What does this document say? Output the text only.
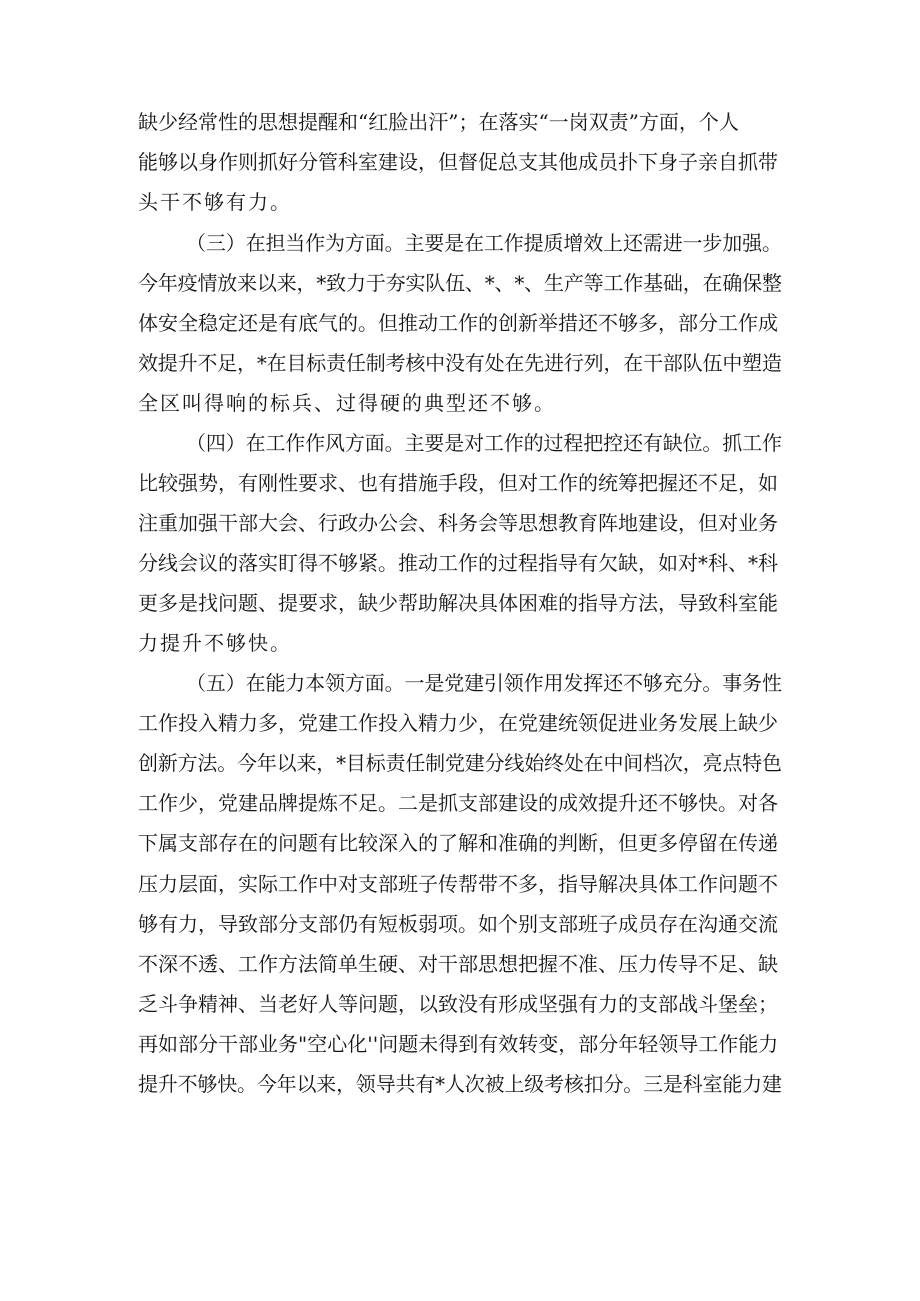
缺少经常性的思想提醒和“红脸出汗”；在落实“一岗双责”方面，个人
能够以身作则抓好分管科室建设，但督促总支其他成员扑下身子亲自抓带
头干不够有力。
（三）在担当作为方面。主要是在工作提质增效上还需进一步加强。
今年疫情放来以来，*致力于夯实队伍、*、*、生产等工作基础，在确保整
体安全稳定还是有底气的。但推动工作的创新举措还不够多，部分工作成
效提升不足，*在目标责任制考核中没有处在先进行列，在干部队伍中塑造
全区叫得响的标兵、过得硬的典型还不够。
（四）在工作作风方面。主要是对工作的过程把控还有缺位。抓工作
比较强势，有刚性要求、也有措施手段，但对工作的统筹把握还不足，如
注重加强干部大会、行政办公会、科务会等思想教育阵地建设，但对业务
分线会议的落实盯得不够紧。推动工作的过程指导有欠缺，如对*科、*科
更多是找问题、提要求，缺少帮助解决具体困难的指导方法，导致科室能
力提升不够快。
（五）在能力本领方面。一是党建引领作用发挥还不够充分。事务性
工作投入精力多，党建工作投入精力少，在党建统领促进业务发展上缺少
创新方法。今年以来，*目标责任制党建分线始终处在中间档次，亮点特色
工作少，党建品牌提炼不足。二是抓支部建设的成效提升还不够快。对各
下属支部存在的问题有比较深入的了解和准确的判断，但更多停留在传递
压力层面，实际工作中对支部班子传帮带不多，指导解决具体工作问题不
够有力，导致部分支部仍有短板弱项。如个别支部班子成员存在沟通交流
不深不透、工作方法简单生硬、对干部思想把握不准、压力传导不足、缺
乏斗争精神、当老好人等问题，以致没有形成坚强有力的支部战斗堡垒；
再如部分干部业务"空心化''问题未得到有效转变，部分年轻领导工作能力
提升不够快。今年以来，领导共有*人次被上级考核扣分。三是科室能力建
